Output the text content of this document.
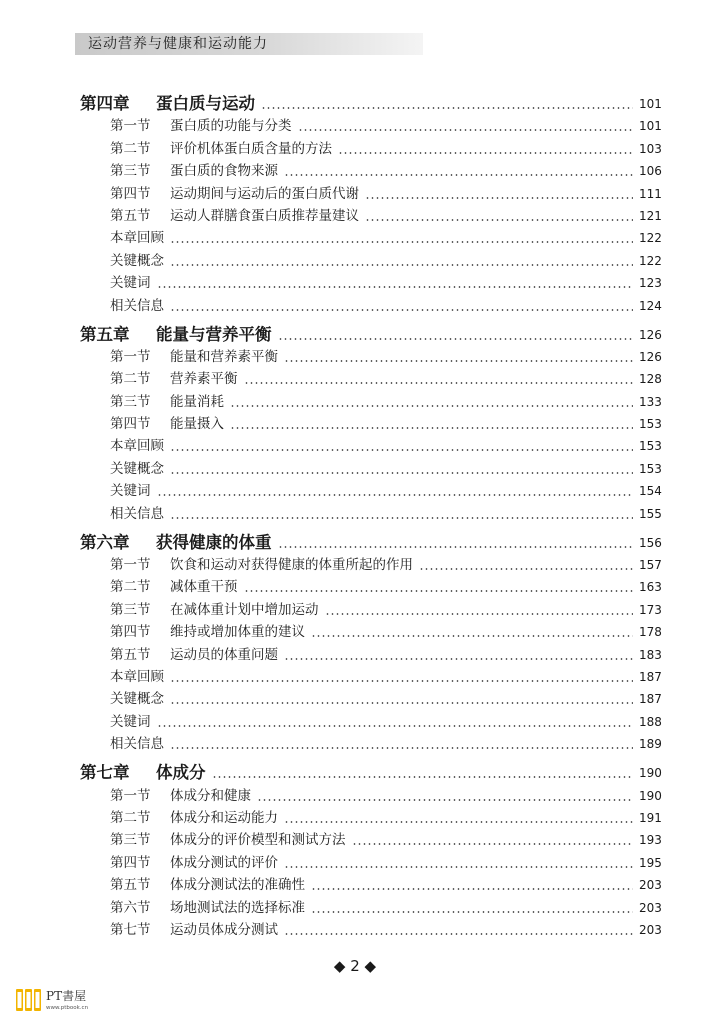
运动营养与健康和运动能力
第四章 蛋白质与运动	101
第一节 蛋白质的功能与分类	101
第二节 评价机体蛋白质含量的方法	103
第三节 蛋白质的食物来源	106
第四节 运动期间与运动后的蛋白质代谢	111
第五节 运动人群膳食蛋白质推荐量建议	121
本章回顾	122
关键概念	122
关键词	123
相关信息	124
第五章 能量与营养平衡	126
第一节 能量和营养素平衡	126
第二节 营养素平衡	128
第三节 能量消耗	133
第四节 能量摄入	153
本章回顾	153
关键概念	153
关键词	154
相关信息	155
第六章 获得健康的体重	156
第一节 饮食和运动对获得健康的体重所起的作用	157
第二节 减体重干预	163
第三节 在减体重计划中增加运动	173
第四节 维持或增加体重的建议	178
第五节 运动员的体重问题	183
本章回顾	187
关键概念	187
关键词	188
相关信息	189
第七章 体成分	190
第一节 体成分和健康	190
第二节 体成分和运动能力	191
第三节 体成分的评价模型和测试方法	193
第四节 体成分测试的评价	195
第五节 体成分测试法的准确性	203
第六节 场地测试法的选择标准	203
第七节 运动员体成分测试	203
◆ 2 ◆
PT書屋
www.ptbook.cn
